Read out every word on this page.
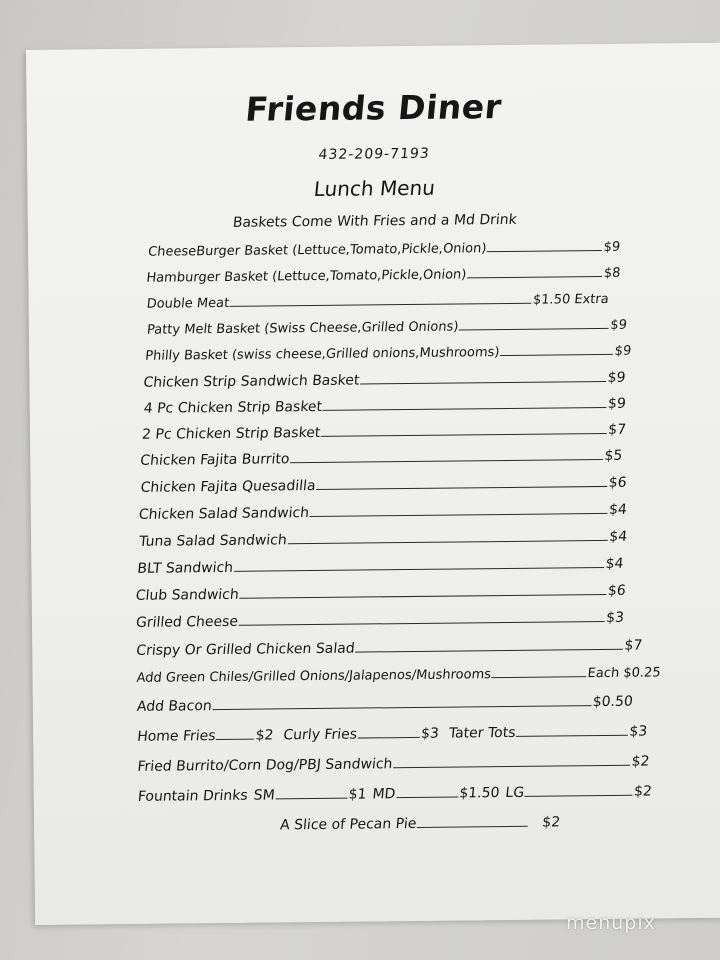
Friends Diner
432-209-7193
Lunch Menu
Baskets Come With Fries and a Md Drink
CheeseBurger Basket (Lettuce,Tomato,Pickle,Onion)	$9
Hamburger Basket (Lettuce,Tomato,Pickle,Onion)	$8
Double Meat	$1.50 Extra
Patty Melt Basket (Swiss Cheese,Grilled Onions)	$9
Philly Basket (swiss cheese,Grilled onions,Mushrooms)	$9
Chicken Strip Sandwich Basket	$9
4 Pc Chicken Strip Basket	$9
2 Pc Chicken Strip Basket	$7
Chicken Fajita Burrito	$5
Chicken Fajita Quesadilla	$6
Chicken Salad Sandwich	$4
Tuna Salad Sandwich	$4
BLT Sandwich	$4
Club Sandwich	$6
Grilled Cheese	$3
Crispy Or Grilled Chicken Salad	$7
Add Green Chiles/Grilled Onions/Jalapenos/Mushrooms	Each $0.25
Add Bacon	$0.50
Home Fries	$2 Curly Fries	$3 Tater Tots	$3
Fried Burrito/Corn Dog/PBJ Sandwich	$2
Fountain Drinks SM	$1 MD	$1.50 LG	$2
A Slice of Pecan Pie	$2
menupix
